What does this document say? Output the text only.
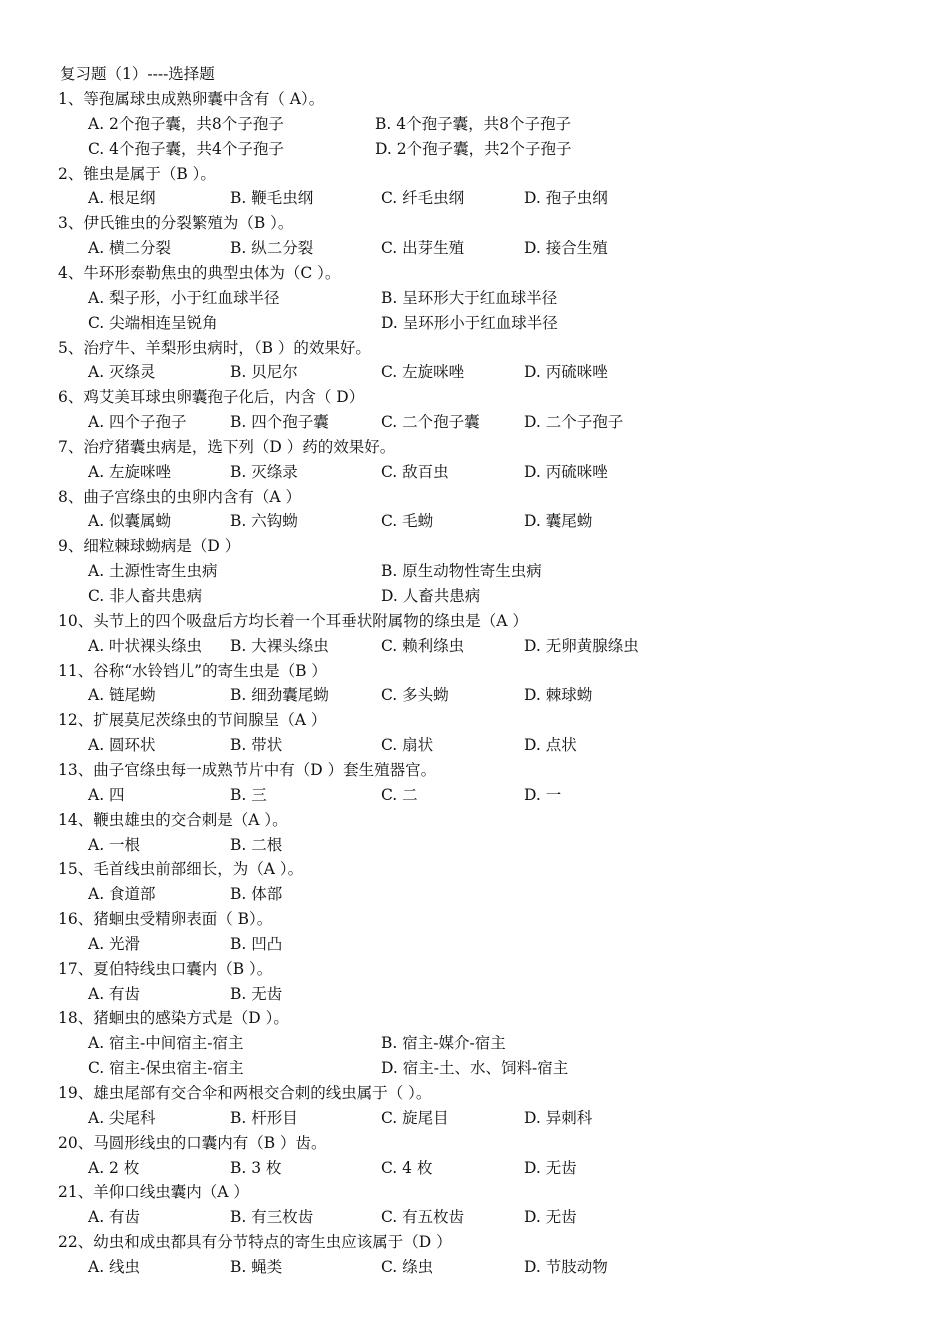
复习题（1）----选择题
1、等孢属球虫成熟卵囊中含有（ A）。
A. 2个孢子囊，共8个子孢子	B. 4个孢子囊，共8个子孢子
C. 4个孢子囊，共4个子孢子	D. 2个孢子囊，共2个子孢子
2、锥虫是属于（B ）。
A. 根足纲	B. 鞭毛虫纲	C. 纤毛虫纲	D. 孢子虫纲
3、伊氏锥虫的分裂繁殖为（B ）。
A. 横二分裂	B. 纵二分裂	C. 出芽生殖	D. 接合生殖
4、牛环形泰勒焦虫的典型虫体为（C ）。
A. 梨子形，小于红血球半径	B. 呈环形大于红血球半径
C. 尖端相连呈锐角	D. 呈环形小于红血球半径
5、治疗牛、羊梨形虫病时，（B ）的效果好。
A. 灭绦灵	B. 贝尼尔	C. 左旋咪唑	D. 丙硫咪唑
6、鸡艾美耳球虫卵囊孢子化后，内含（ D）
A. 四个子孢子	B. 四个孢子囊	C. 二个孢子囊	D. 二个子孢子
7、治疗猪囊虫病是，选下列（D ）药的效果好。
A. 左旋咪唑	B. 灭绦录	C. 敌百虫	D. 丙硫咪唑
8、曲子宫绦虫的虫卵内含有（A ）
A. 似囊属蚴	B. 六钩蚴	C. 毛蚴	D. 囊尾蚴
9、细粒棘球蚴病是（D ）
A. 土源性寄生虫病	B. 原生动物性寄生虫病
C. 非人畜共患病	D. 人畜共患病
10、头节上的四个吸盘后方均长着一个耳垂状附属物的绦虫是（A ）
A. 叶状裸头绦虫 B. 大裸头绦虫	C. 赖利绦虫	D. 无卵黄腺绦虫
11、谷称“水铃铛儿”的寄生虫是（B ）
A. 链尾蚴	B. 细劲囊尾蚴	C. 多头蚴	D. 棘球蚴
12、扩展莫尼茨绦虫的节间腺呈（A ）
A. 圆环状	B. 带状	C. 扇状	D. 点状
13、曲子官绦虫每一成熟节片中有（D ）套生殖器官。
A. 四	B. 三	C. 二	D. 一
14、鞭虫雄虫的交合刺是（A ）。
A. 一根	B. 二根
15、毛首线虫前部细长，为（A ）。
A. 食道部	B. 体部
16、猪蛔虫受精卵表面（ B）。
A. 光滑	B. 凹凸
17、夏伯特线虫口囊内（B ）。
A. 有齿	B. 无齿
18、猪蛔虫的感染方式是（D ）。
A. 宿主-中间宿主-宿主	B. 宿主-媒介-宿主
C. 宿主-保虫宿主-宿主	D. 宿主-土、水、饲料-宿主
19、雄虫尾部有交合伞和两根交合刺的线虫属于（ ）。
A. 尖尾科	B. 杆形目	C. 旋尾目	D. 异刺科
20、马圆形线虫的口囊内有（B ）齿。
A. 2 枚	B. 3 枚	C. 4 枚	D. 无齿
21、羊仰口线虫囊内（A ）
A. 有齿	B. 有三枚齿	C. 有五枚齿	D. 无齿
22、幼虫和成虫都具有分节特点的寄生虫应该属于（D ）
A. 线虫	B. 蝇类	C. 绦虫	D. 节肢动物
